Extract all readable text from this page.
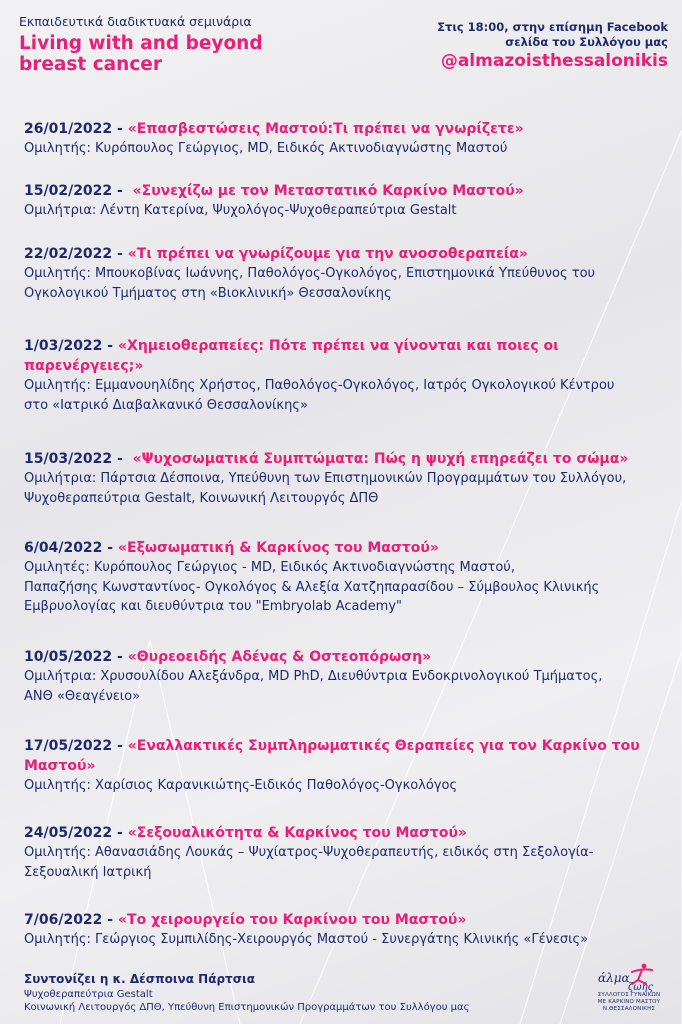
Εκπαιδευτικά διαδικτυακά σεμινάρια
Living with and beyond
breast cancer
Στις 18:00, στην επίσημη Facebook
σελίδα του Συλλόγου μας
@almazoisthessalonikis
26/01/2022 - «Επασβεστώσεις Μαστού:Τι πρέπει να γνωρίζετε»
Ομιλητής: Κυρόπουλος Γεώργιος, MD, Ειδικός Ακτινοδιαγνώστης Μαστού
15/02/2022 - «Συνεχίζω με τον Μεταστατικό Καρκίνο Μαστού»
Ομιλήτρια: Λέντη Κατερίνα, Ψυχολόγος-Ψυχοθεραπεύτρια Gestalt
22/02/2022 - «Τι πρέπει να γνωρίζουμε για την ανοσοθεραπεία»
Ομιλητής: Μπουκοβίνας Ιωάννης, Παθολόγος-Ογκολόγος, Επιστημονικά Υπεύθυνος του
Ογκολογικού Τμήματος στη «Βιοκλινική» Θεσσαλονίκης
1/03/2022 - «Χημειοθεραπείες: Πότε πρέπει να γίνονται και ποιες οι
παρενέργειες;»
Ομιλητής: Εμμανουηλίδης Χρήστος, Παθολόγος-Ογκολόγος, Ιατρός Ογκολογικού Κέντρου
στο «Ιατρικό Διαβαλκανικό Θεσσαλονίκης»
15/03/2022 - «Ψυχοσωματικά Συμπτώματα: Πώς η ψυχή επηρεάζει το σώμα»
Ομιλήτρια: Πάρτσια Δέσποινα, Υπεύθυνη των Επιστημονικών Προγραμμάτων του Συλλόγου,
Ψυχοθεραπεύτρια Gestalt, Κοινωνική Λειτουργός ΔΠΘ
6/04/2022 - «Εξωσωματική & Καρκίνος του Μαστού»
Ομιλητές: Κυρόπουλος Γεώργιος - MD, Ειδικός Ακτινοδιαγνώστης Μαστού,
Παπαζήσης Κωνσταντίνος- Ογκολόγος & Αλεξία Χατζηπαρασίδου – Σύμβουλος Κλινικής
Εμβρυολογίας και διευθύντρια του "Embryolab Academy"
10/05/2022 - «Θυρεοειδής Αδένας & Οστεοπόρωση»
Ομιλήτρια: Χρυσουλίδου Αλεξάνδρα, MD PhD, Διευθύντρια Ενδοκρινολογικού Τμήματος,
ΑΝΘ «Θεαγένειο»
17/05/2022 - «Εναλλακτικές Συμπληρωματικές Θεραπείες για τον Καρκίνο του
Μαστού»
Ομιλητής: Χαρίσιος Καρανικιώτης-Ειδικός Παθολόγος-Ογκολόγος
24/05/2022 - «Σεξουαλικότητα & Καρκίνος του Μαστού»
Ομιλητής: Αθανασιάδης Λουκάς – Ψυχίατρος-Ψυχοθεραπευτής, ειδικός στη Σεξολογία-
Σεξουαλική Ιατρική
7/06/2022 - «Το χειρουργείο του Καρκίνου του Μαστού»
Ομιλητής: Γεώργιος Συμπιλίδης-Χειρουργός Μαστού - Συνεργάτης Κλινικής «Γένεσις»
Συντονίζει η κ. Δέσποινα Πάρτσια
Ψυχοθεραπεύτρια Gestalt
Κοινωνική Λειτουργός ΔΠΘ, Υπεύθυνη Επιστημονικών Προγραμμάτων του Συλλόγου μας
άλμα
ζωής
ΣΥΛΛΟΓΟΣ ΓΥΝΑΙΚΩΝ
ΜΕ ΚΑΡΚΙΝΟ ΜΑΣΤΟΥ
Ν.ΘΕΣΣΑΛΟΝΙΚΗΣ
